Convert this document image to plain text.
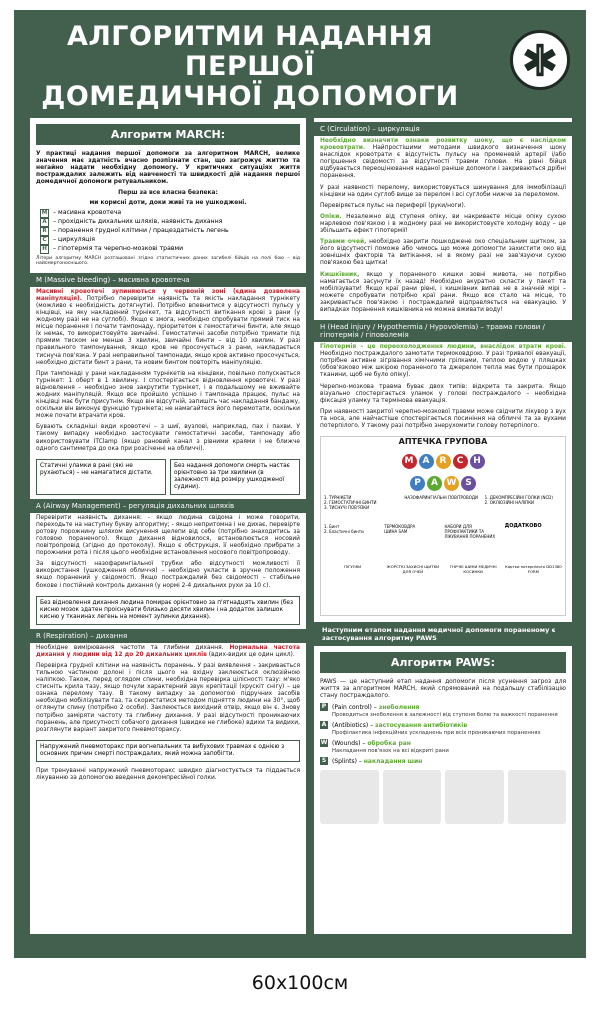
АЛГОРИТМИ НАДАННЯ ПЕРШОЇ
ДОМЕДИЧНОЇ ДОПОМОГИ
Алгоритм MARCH:
У практиці надання першої допомоги за алгоритмом MARCH, велике значення має здатність вчасно розпізнати стан, що загрожує життю та негайно надати необхідну допомогу. У критичних ситуаціях життя постраждалих залежить від навченості та швидкості дій надання першої домедичної допомоги ретувальником.
Перш за все власна безпека:
ми корисні доти, доки живі та не ушкоджені.
M – масивна кровотеча
A	– прохідність дихальних шляхів, наявність дихання
R	– поранення грудної клітини / працездатність легень
C	– циркуляція
H	– гіпотермія та черепно-мозкові травми
Літери алгоритму MARCH розташовані згідно статистичних даних загибелі бійців на полі бою – від найсмертоноснішого.
M (Massive bleeding) – масивна кровотеча
Масивні кровотечі зупиняються у червоній зоні (єдина дозволена маніпуляція). Потрібно перевірити наявність та якість накладання турнікету (можливо є необхідність дотягнути). Потрібно впевнитися у відсутності пульсу у кінцівці, на яку накладений турнікет, та відсутності витікання крові з рани (у жодному разі не на суглобі). Якщо є змога, необхідно спробувати прямий тиск на місце поранення і почати тампонаду, пріоритетом є гемостатичні бинти, але якщо їх немає, то використовуйте звичайні. Гемостатичні засоби потрібно тримати під прямим тиском не менше 3 хвилин, звичайні бинти – від 10 хвилин. У разі правильного тампонування, якщо кров не просочується з рани, накладається тиснуча пов'язка. У разі неправильної тампонади, якщо кров активно просочується, необхідно дістати бинт з рани, та новим бинтом повторіть маніпуляцію.
При тампонаді у рани накладанням турнікетів на кінцівки, повільно попускається турнікет: 1 оберт в 1 хвилину. І спостерігається відновлення кровотечі. У разі відновлення – необхідно знов закрутити турнікет, і в подальшому не вживайте жодних маніпуляцій. Якщо все пройшло успішно і тампонада працює, пульс на кінцівці має бути присутнім. Якщо він відсутній, запишіть час накладання бандажу, оскільки він виконує функцію турнікета; не намагайтеся його перемотати, оскільки може почати втрачати кров.
Бувають складніші види кровотечі – з шиї, вузлові, наприклад, пах і пахви. У такому випадку необхідно застосувати гемостатичні засоби, тампонаду або використовувати ITClamp (якщо рановий канал з рівними краями і не ближче одного сантиметра до ока при розсіченні на обличчі).
Статичні уламки в рані (які не рухаються) – не намагатися дістати.
Без надання допомоги смерть настає орієнтовно за три хвилини (в залежності від розміру ушкодженої судини).
A (Airway Management) – регуляція дихальних шляхів
Перевірити наявність дихання: - якщо людина свідома і може говорити, переходьте на наступну букву алгоритму; - якщо непритомна і не дихає, перевірте ротову порожнину шляхом висунення щелепи від себе (потрібно знаходитись за головою пораненого). Якщо дихання відновилося, встановлюється носовий повітропровід (згідно до протоколу). Якщо є обструкція, її необхідно прибрати з порожнини рота і після цього необхідне встановлення носового повітропроводу.
За відсутності назофарингіальної трубки або відсутності можливості її використання (ушкодження обличчя) – необхідно укласти в зручне положення якщо поранений у свідомості. Якщо постраждалий без свідомості – стабільне бокове і постійний контроль дихання (у нормі 2-4 дихальних рухи за 10 с).
Без відновлення дихання людина помирає орієнтовно за п'ятнадцять хвилин (без кисню мозок здатен проіснувати близько десяти хвилин і на додаток залишок кисню у тканинах легень на момент зупинки дихання).
R (Respiration) – дихання
Необхідне вимірювання частоти та глибини дихання. Нормальна частота дихання у людини від 12 до 20 дихальних циклів (вдих-видих це один цикл).
Перевірка грудної клітини на наявність поранень. У разі виявлення – закривається тильною частиною долоні і після цього на вхідну заклеюється оклюзійною наліпкою. Також, перед оглядом спини, необхідна перевірка цілісності тазу: м'яко стисніть крила тазу, якщо почули характерний звук крепітації (хрускіт снігу) – це ознака перелому тазу. В такому випадку за допомогою підручних засобів необхідно мобілізувати таз, та скористатися методом підняття людини на 30°, щоб оглянути спину (потрібно 2 особи). Заклеюється вихідний отвір, якщо він є. Знову потрібно заміряти частоту та глибину дихання. У разі відсутності проникаючих поранень, але присутності собачого дихання (швидке не глибоке) вдихи та видихи, розглянути варіант закритого пневмотораксу.
Напружений пневмоторакс при вогнепальних та вибухових травмах є однією з основних причин смерті постраждалих, який можна запобігти.
При тренуванні напружений пневмоторакс швидко діагностується та піддається лікуванню за допомогою введення декомпресійної голки.
C (Circulation) – циркуляція
Необхідно визначити ознаки розвитку шоку, що є наслідком крововтрати. Найпростішими методами швидкого визначення шоку внаслідок кровотрати є відсутність пульсу на променевій артерії і/або погіршення свідомості за відсутності травми голови. На рівні бійця відбувається переоцінювання наданої раніше допомоги і закриваються дрібні поранення.
У разі наявності перелому, використовується шинування для іммобілізації кінцівки на один суглоб вище за перелом і всі суглоби нижче за переломом.
Перевіряється пульс на периферії (руки/ноги).
Опіки. Незалежно від ступеня опіку, ви накриваєте місце опіку сухою марлевою пов'язкою і в жодному разі не використовуєте холодну воду – це збільшить ефект гіпотермії!
Травми очей, необхідно закрити пошкоджене око спеціальним щитком, за його відсутності поможе або чимось що може допомогти захистити око від зовнішніх факторів та витікання, ні в якому разі не зав'язуючи сухою пов'язкою без щитка!
Кишківник, якщо у пораненого кишки зовні живота, не потрібно намагається засунути їх назад! Необхідно акуратно скласти у пакет та мобілізувати! Якщо краї рани рівні, і кишківник випав не в значній мірі – можете спробувати потрібно краї рани. Якщо все стало на місце, то закривається пов'язкою і постраждалий відправляється на евакуацію. У випадках поранення кишківника не можна вживати воду!
H (Head injury / Hypothermia / Hypovolemia) – травма голови / гіпотермія / гіповолемія
Гіпотермія – це переохолодження людини, внаслідок втрати крові. Необхідно постраждалого замотати термоковдрою. У разі тривалої евакуації, потрібне активне зігрівання хімічними грілками, теплою водою у пляшках (обов'язково між шкірою пораненого та джерелом тепла має бути прошарок тканини, щоб не було опіку).
Черепно-мозкова травма буває двох типів: відкрита та закрита. Якщо візуально спостерігається уламок у голові постраждалого – необхідна фіксація уламку та термінова евакуація.
При наявності закритої черепно-мозкової травми може свідчити лікувор з вух та носа, але найчастіше спостерігається посиніння на обличчі та за вухами потерпілого. У такому разі потрібно знерухомити голову потерпілого.
АПТЕЧКА ГРУПОВА
M A R C H
P A W S
1. ТУРНІКЕТИ
2. ГЕМОСТАТИЧНІ БИНТИ
3. ТИСНУЧІ ПОВ'ЯЗКИ
НАЗОФАРИНГІАЛЬНІ ПОВІТРОВОДИ	1. ДЕКОМПРЕСІЙНІ ГОЛКИ (NCD)
2. ОКЛЮЗІЙНІ НАЛІПКИ
1. Бинт
2. Еластичні бинти
ТЕРМОКОВДРА
ШИНА SAM
НАБОРИ ДЛЯ ПРОФІЛАКТИКИ ТА ЛІКУВАННЯ ПОРАНЕНИХ
ДОДАТКОВО
ПІГУЛКИ	ЖОРСТКІ ЗАХИСНІ ЩИТКИ ДЛЯ ОЧЕЙ
ГНУЧКІ ШИНИ МЕДИЧНІ КОСИНКИ
Картки потерпілого DD1380 FORM
Наступним етапом надання медичної допомоги пораненому є застосування алгоритму PAWS
Алгоритм PAWS:
PAWS — це наступний етап надання допомоги після усунення загроз для життя за алгоритмом MARCH, який спрямований на подальшу стабілізацію стану постраждалого.
P (Pain control) –
знеболення
Проводиться знеболення в залежності від ступеня болю та важкості поранення
A (Antibiotics) –
застосування антибіотиків
Профілактика інфекційних ускладнень при всіх проникаючих пораненнях
W (Wounds) –
обробка ран
Накладання пов'язок на всі відкриті рани
S (Splints) –
накладання шин
60х100см
